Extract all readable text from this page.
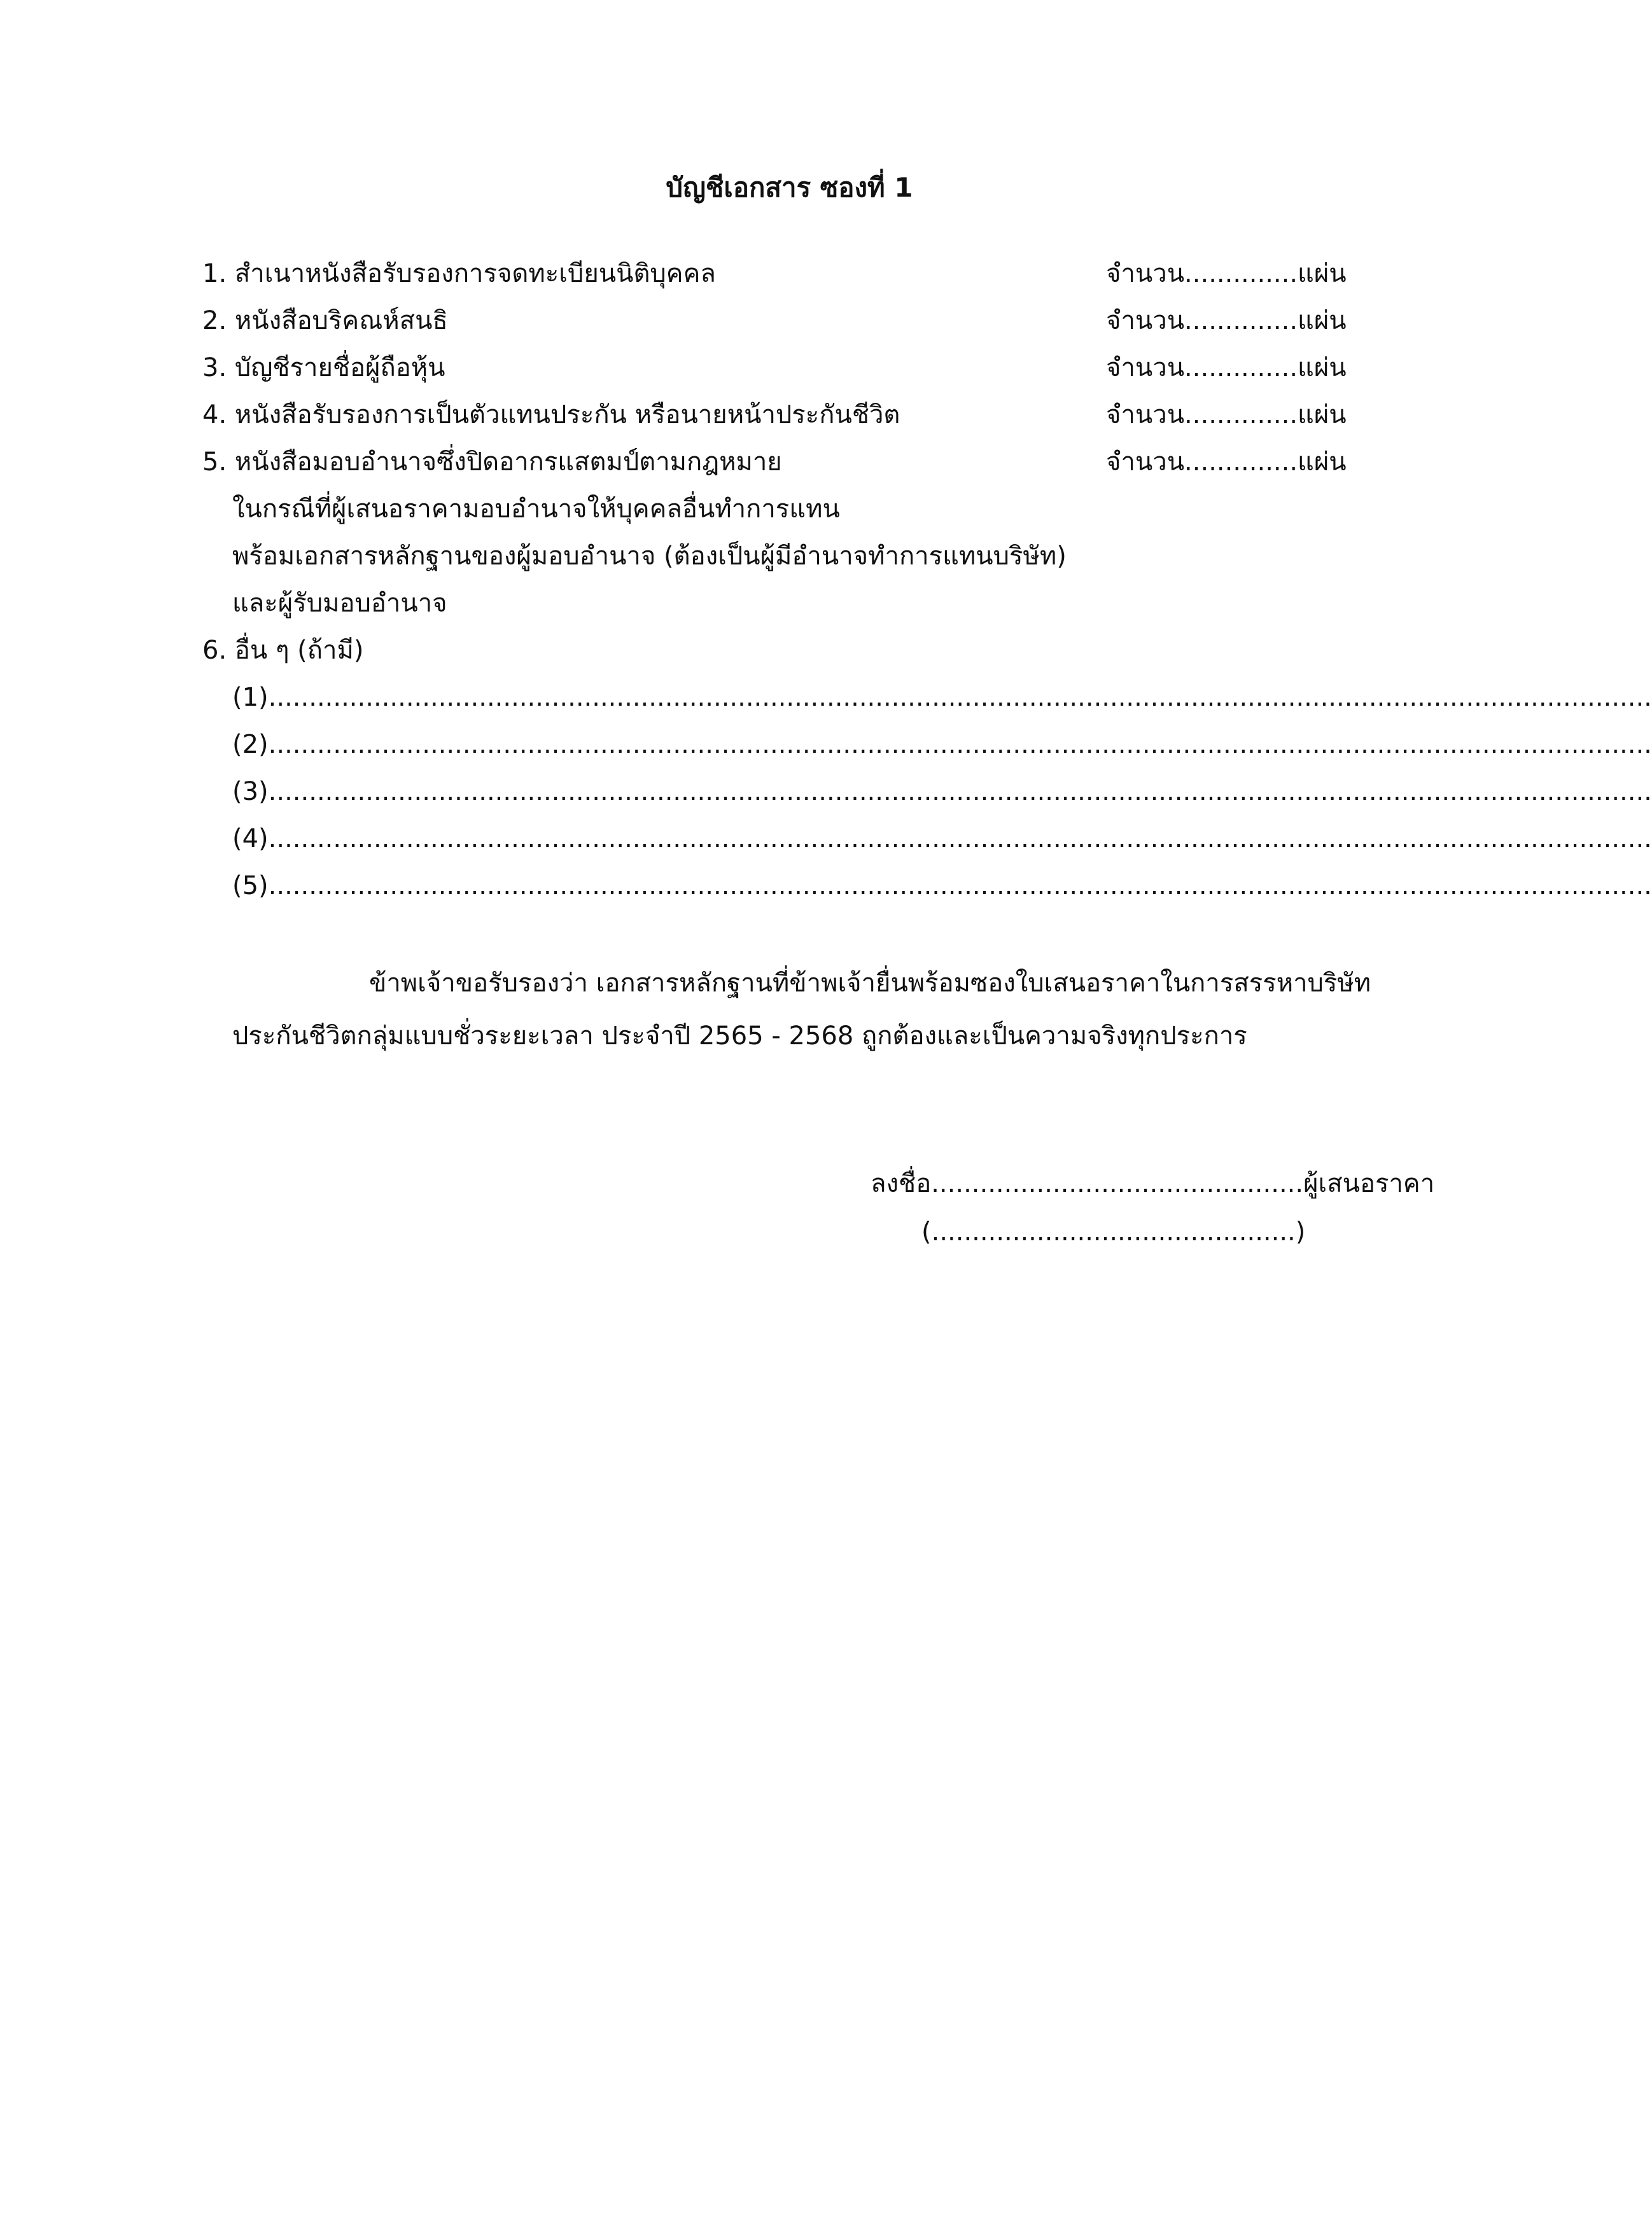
บัญชีเอกสาร ซองที่ 1
1. สำเนาหนังสือรับรองการจดทะเบียนนิติบุคคล	จำนวน..............แผ่น
2. หนังสือบริคณห์สนธิ	จำนวน..............แผ่น
3. บัญชีรายชื่อผู้ถือหุ้น	จำนวน..............แผ่น
4. หนังสือรับรองการเป็นตัวแทนประกัน หรือนายหน้าประกันชีวิต	จำนวน..............แผ่น
5. หนังสือมอบอำนาจซึ่งปิดอากรแสตมป์ตามกฎหมาย	จำนวน..............แผ่น
ในกรณีที่ผู้เสนอราคามอบอำนาจให้บุคคลอื่นทำการแทน
พร้อมเอกสารหลักฐานของผู้มอบอำนาจ (ต้องเป็นผู้มีอำนาจทำการแทนบริษัท)
และผู้รับมอบอำนาจ
6. อื่น ๆ (ถ้ามี)
(1)...........................................................................................................................................................................
(2)...........................................................................................................................................................................
(3)...........................................................................................................................................................................
(4)...........................................................................................................................................................................
(5)...........................................................................................................................................................................
ข้าพเจ้าขอรับรองว่า เอกสารหลักฐานที่ข้าพเจ้ายื่นพร้อมซองใบเสนอราคาในการสรรหาบริษัท
ประกันชีวิตกลุ่มแบบชั่วระยะเวลา ประจำปี 2565 - 2568 ถูกต้องและเป็นความจริงทุกประการ
ลงชื่อ..............................................ผู้เสนอราคา
(.............................................)
